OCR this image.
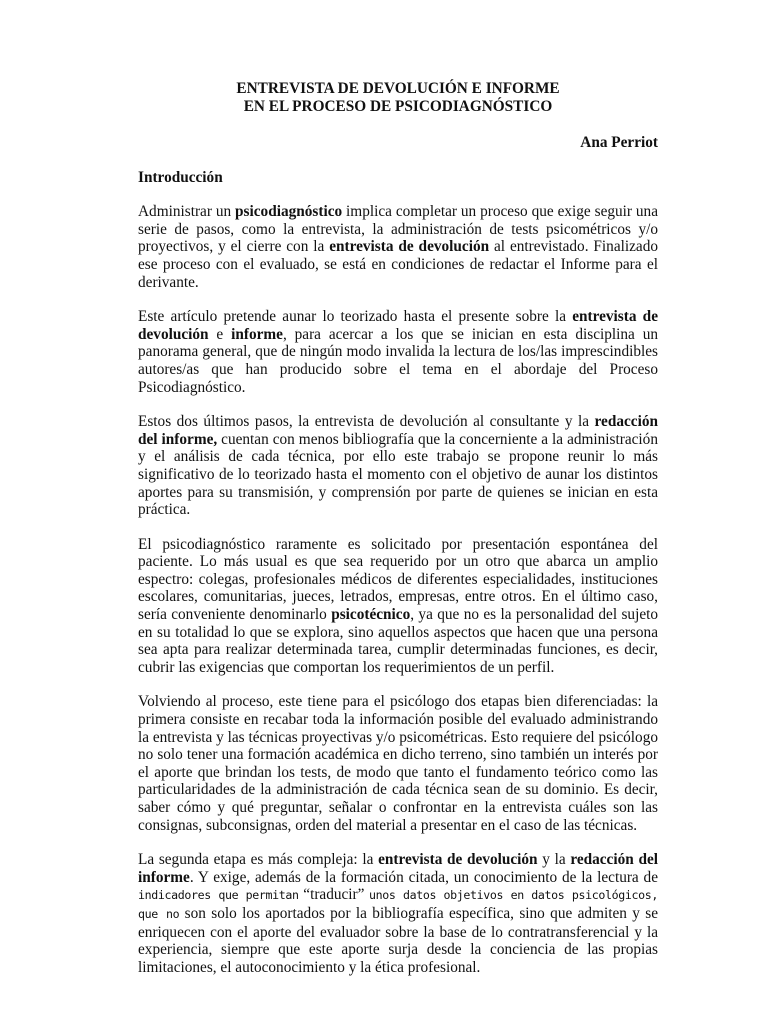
ENTREVISTA DE DEVOLUCIÓN E INFORME
EN EL PROCESO DE PSICODIAGNÓSTICO
Ana Perriot
Introducción

Administrar un psicodiagnóstico implica completar un proceso que exige seguir una serie de pasos, como la entrevista, la administración de tests psicométricos y/o proyectivos, y el cierre con la entrevista de devolución al entrevistado. Finalizado ese proceso con el evaluado, se está en condiciones de redactar el Informe para el derivante.

Este artículo pretende aunar lo teorizado hasta el presente sobre la entrevista de devolución e informe, para acercar a los que se inician en esta disciplina un panorama general, que de ningún modo invalida la lectura de los/las imprescindibles autores/as que han producido sobre el tema en el abordaje del Proceso Psicodiagnóstico.

Estos dos últimos pasos, la entrevista de devolución al consultante y la redacción del informe, cuentan con menos bibliografía que la concerniente a la administración y el análisis de cada técnica, por ello este trabajo se propone reunir lo más significativo de lo teorizado hasta el momento con el objetivo de aunar los distintos aportes para su transmisión, y comprensión por parte de quienes se inician en esta práctica.

El psicodiagnóstico raramente es solicitado por presentación espontánea del paciente. Lo más usual es que sea requerido por un otro que abarca un amplio espectro: colegas, profesionales médicos de diferentes especialidades, instituciones escolares, comunitarias, jueces, letrados, empresas, entre otros. En el último caso, sería conveniente denominarlo psicotécnico, ya que no es la personalidad del sujeto en su totalidad lo que se explora, sino aquellos aspectos que hacen que una persona sea apta para realizar determinada tarea, cumplir determinadas funciones, es decir, cubrir las exigencias que comportan los requerimientos de un perfil.

Volviendo al proceso, este tiene para el psicólogo dos etapas bien diferenciadas: la primera consiste en recabar toda la información posible del evaluado administrando la entrevista y las técnicas proyectivas y/o psicométricas. Esto requiere del psicólogo no solo tener una formación académica en dicho terreno, sino también un interés por el aporte que brindan los tests, de modo que tanto el fundamento teórico como las particularidades de la administración de cada técnica sean de su dominio. Es decir, saber cómo y qué preguntar, señalar o confrontar en la entrevista cuáles son las consignas, subconsignas, orden del material a presentar en el caso de las técnicas.

La segunda etapa es más compleja: la entrevista de devolución y la redacción del informe. Y exige, además de la formación citada, un conocimiento de la lectura de indicadores que permitan “traducir” unos datos objetivos en datos psicológicos, que no son solo los aportados por la bibliografía específica, sino que admiten y se enriquecen con el aporte del evaluador sobre la base de lo contratransferencial y la experiencia, siempre que este aporte surja desde la conciencia de las propias limitaciones, el autoconocimiento y la ética profesional.
